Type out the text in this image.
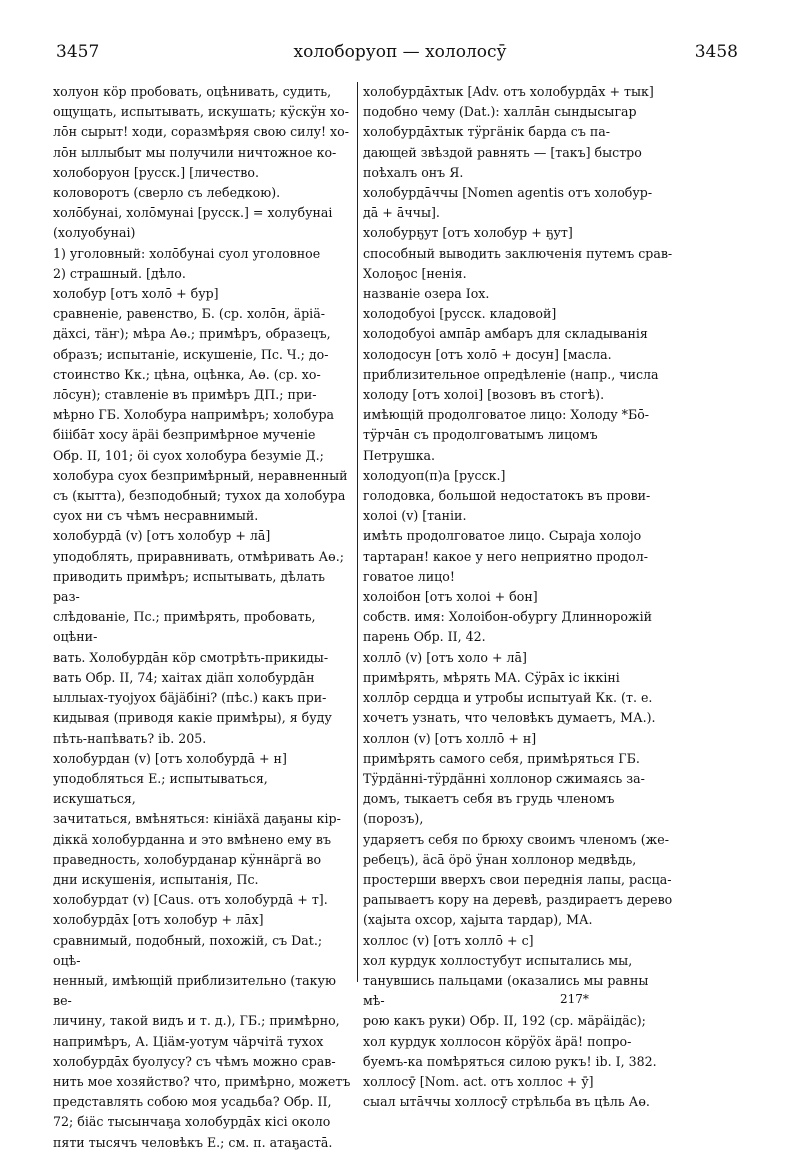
3457	холоборуоп — хололосӯ	3458
холуон кӧр пробовать, оцѣнивать, судить,
ощущать, испытывать, искушать; кӱскӱн хо-
лōн сырыт! ходи, соразмѣряя свою силу! хо-
лōн ыллыбыт мы получили ничтожное ко-
холоборуон [русск.] [личество.
коловоротъ (сверло съ лебедкою).
холōбунаі, холōмунаі [русск.] = холубунаі
(холуобунаі)
1) уголовный: холōбунаі суол уголовное
2) страшный. [дѣло.
холобур [отъ холō + бур]
сравненіе, равенство, Б. (ср. холōн, äрiä-
дäхсi, тäҥ); мѣра Аө.; примѣръ, образецъ,
образъ; испытаніе, искушеніе, Пс. Ч.; до-
стоинство Кк.; цѣна, оцѣнка, Аө. (ср. хо-
лōсун); ставленіе въ примѣръ ДП.; при-
мѣрно ГБ. Холобура напримѣръ; холобура
бiiiбāт хосу äрäi безпримѣрное мученіе
Обр. II, 101; ӧi суох холобура безумiе Д.;
холобура суох безпримѣрный, неравненный
съ (кытта), безподобный; тухох да холобура
суох ни съ чѣмъ несравнимый.
холобурдā (v) [отъ холобур + лā]
уподоблять, приравнивать, отмѣривать Аө.;
приводить примѣръ; испытывать, дѣлать раз-
слѣдованіе, Пс.; примѣрять, пробовать, оцѣни-
вать. Холобурдāн кӧр смотрѣть-прикиды-
вать Обр. II, 74; хаiтах дiäп холобурдāн
ыллыах-туоjуох бäjäбiнi? (пѣс.) какъ при-
кидывая (приводя какіе примѣры), я буду
пѣть-напѣвать? ib. 205.
холобурдан (v) [отъ холобурдā + н]
уподобляться Е.; испытываться, искушаться,
зачитаться, вмѣняться: кiнiäхä даҕаны кiр-
дiккä холобурданна и это вмѣнено ему въ
праведность, холобурданар кӱннäргä во
дни искушенія, испытанія, Пс.
холобурдат (v) [Caus. отъ холобурдā + т].
холобурдāх [отъ холобур + лāх]
сравнимый, подобный, похожій, съ Dat.; оцѣ-
ненный, имѣющій приблизительно (такую ве-
личину, такой видъ и т. д.), ГБ.; примѣрно,
напримѣръ, А. Цiäм-уотум чäрчiтä тухох
холобурдāх буолуcу? съ чѣмъ можно срав-
нить мое хозяйство? что, примѣрно, можетъ
представлять собою моя усадьба? Обр. II,
72; бiäс тысынчаҕа холобурдāх кiсi около
пяти тысячъ человѣкъ Е.; см. п. атаҕастā.
холобурдāхтык [Adv. отъ холобурдāх + тык]
подобно чему (Dat.): халлāн сындысыгар
холобурдāхтык тӱргäнiк барда съ па-
дающей звѣздой равнять — [такъ] быстро
поѣхалъ онъ Я.
холобурдāччы [Nomen agentis отъ холобур-
дā + āччы].
холобурҕут [отъ холобур + ҕут]
способный выводить заключенія путемъ срав-
Холоҕос [ненія.
названіе озера Іох.
холодобуоі [русск. кладовой]
холодобуоі ампāр амбаръ для складыванія
холодосун [отъ холō + досун] [масла.
приблизительное опредѣленіе (напр., числа
холоду [отъ холоі] [возовъ въ стогѣ).
имѣющій продолговатое лицо: Холоду *Бō-
тӱрчāн съ продолговатымъ лицомъ Петрушка.
холодуоп(п)а [русск.]
голодовка, большой недостатокъ въ прови-
холоі (v) [таніи.
имѣть продолговатое лицо. Сыраjа холоjо
тартаран! какое у него неприятно продол-
говатое лицо!
холоібон [отъ холоі + бон]
собств. имя: Холоібон-обургу Длиннорожій
парень Обр. II, 42.
холлō (v) [отъ холо + лā]
примѣрять, мѣрять МА. Сӱрāх iс iккiнi
холлōр сердца и утробы испытуай Кк. (т. е.
хочетъ узнать, что человѣкъ думаетъ, МА.).
холлон (v) [отъ холлō + н]
примѣрять самого себя, примѣряться ГБ.
Тӱрдäннi-тӱрдäннi холлонор сжимаясь за-
домъ, тыкаетъ себя въ грудь членомъ (порозъ),
ударяетъ себя по брюху своимъ членомъ (же-
ребецъ), äсā ӧрӧ ӱнан холлонор медвѣдь,
простерши вверхъ свои переднія лапы, расца-
рапываетъ кору на деревѣ, раздираетъ дерево
(хаjыта охсор, хаjыта тардар), МА.
холлос (v) [отъ холлō + с]
хол курдук холлостубут испытались мы,
танувшись пальцами (оказались мы равны мѣ-
рою какъ руки) Обр. II, 192 (ср. мäрäiдäс);
хол курдук холлосон кӧрӱӧх äрä! попро-
буемъ-ка помѣряться силою рукъ! ib. I, 382.
холлосӯ [Nom. act. отъ холлос + ӯ]
сыал ытāччы холлосӯ стрѣльба въ цѣль Аө.
217*
